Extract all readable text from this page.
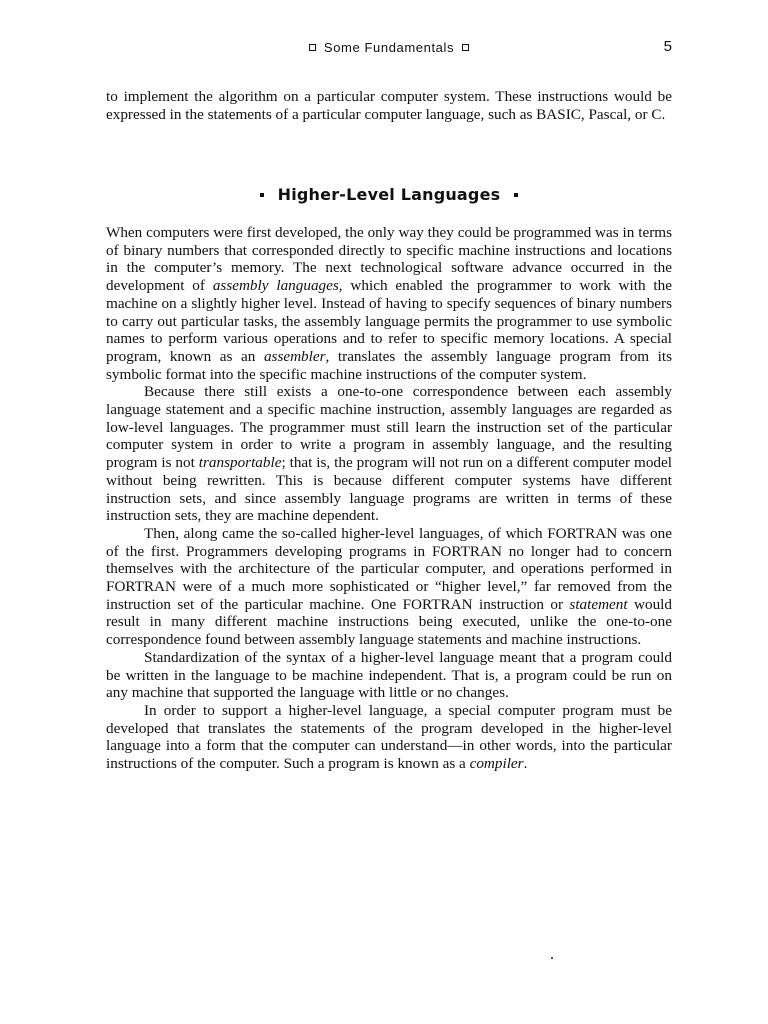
Some Fundamentals	5

to implement the algorithm on a particular computer system. These instructions would be expressed in the statements of a particular computer language, such as BASIC, Pascal, or C.

Higher-Level Languages

When computers were first developed, the only way they could be programmed was in terms of binary numbers that corresponded directly to specific machine instructions and locations in the computer’s memory. The next technological software advance occurred in the development of assembly languages, which enabled the programmer to work with the machine on a slightly higher level. Instead of having to specify sequences of binary numbers to carry out particular tasks, the assembly language permits the programmer to use symbolic names to perform various operations and to refer to specific memory locations. A special program, known as an assembler, translates the assembly language program from its symbolic format into the specific machine instructions of the computer system.

Because there still exists a one-to-one correspondence between each assembly language statement and a specific machine instruction, assembly languages are regarded as low-level languages. The programmer must still learn the instruction set of the particular computer system in order to write a program in assembly language, and the resulting program is not transportable; that is, the program will not run on a different computer model without being rewritten. This is because different computer systems have different instruction sets, and since assembly language programs are written in terms of these instruction sets, they are machine dependent.

Then, along came the so-called higher-level languages, of which FORTRAN was one of the first. Programmers developing programs in FORTRAN no longer had to concern themselves with the architecture of the particular computer, and operations performed in FORTRAN were of a much more sophisticated or “higher level,” far removed from the instruction set of the particular machine. One FORTRAN instruction or statement would result in many different machine instructions being executed, unlike the one-to-one correspondence found between assembly language statements and machine instructions.

Standardization of the syntax of a higher-level language meant that a program could be written in the language to be machine independent. That is, a program could be run on any machine that supported the language with little or no changes.

In order to support a higher-level language, a special computer program must be developed that translates the statements of the program developed in the higher-level language into a form that the computer can understand—in other words, into the particular instructions of the computer. Such a program is known as a compiler.
